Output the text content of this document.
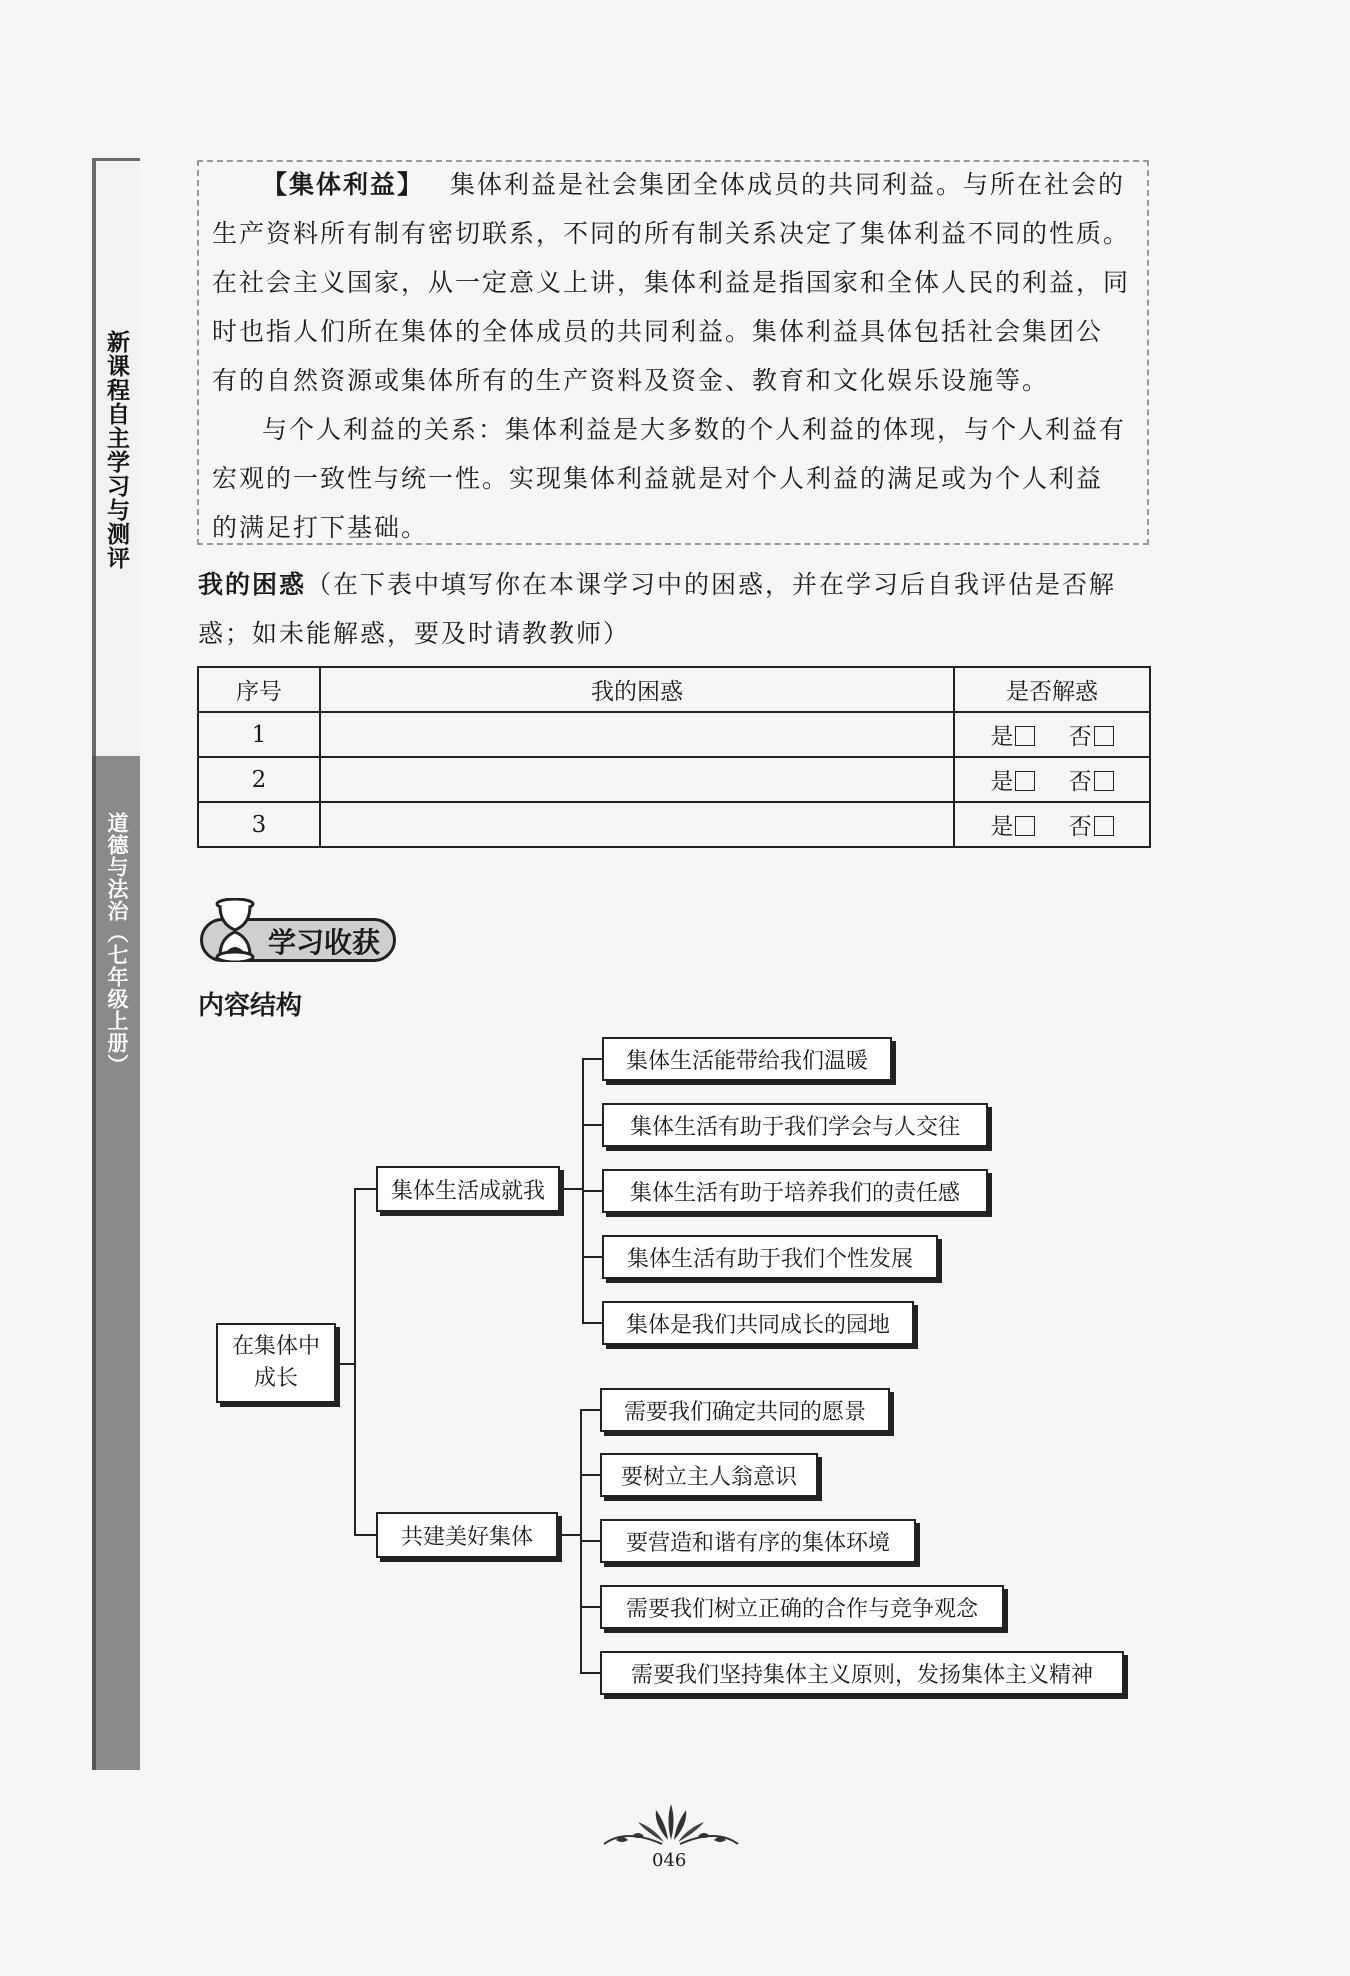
新课程自主学习与测评
道德与法治（七年级上册）
【集体利益】 集体利益是社会集团全体成员的共同利益。与所在社会的
生产资料所有制有密切联系，不同的所有制关系决定了集体利益不同的性质。
在社会主义国家，从一定意义上讲，集体利益是指国家和全体人民的利益，同
时也指人们所在集体的全体成员的共同利益。集体利益具体包括社会集团公
有的自然资源或集体所有的生产资料及资金、教育和文化娱乐设施等。
与个人利益的关系：集体利益是大多数的个人利益的体现，与个人利益有
宏观的一致性与统一性。实现集体利益就是对个人利益的满足或为个人利益
的满足打下基础。
我的困惑（在下表中填写你在本课学习中的困惑，并在学习后自我评估是否解
惑；如未能解惑，要及时请教教师）
序号	我的困惑	是否解惑
1		是 否
2		是 否
3		是 否
学习收获
内容结构
在集体中成长
集体生活成就我
共建美好集体
集体生活能带给我们温暖
集体生活有助于我们学会与人交往
集体生活有助于培养我们的责任感
集体生活有助于我们个性发展
集体是我们共同成长的园地
需要我们确定共同的愿景
要树立主人翁意识
要营造和谐有序的集体环境
需要我们树立正确的合作与竞争观念
需要我们坚持集体主义原则，发扬集体主义精神
046
